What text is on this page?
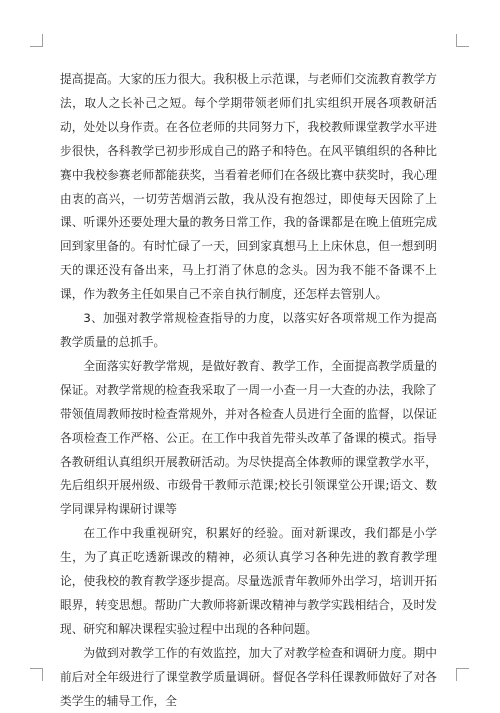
提高提高。大家的压力很大。我积极上示范课，与老师们交流教育教学方法，取人之长补己之短。每个学期带领老师们扎实组织开展各项教研活动，处处以身作责。在各位老师的共同努力下，我校教师课堂教学水平进步很快，各科教学已初步形成自己的路子和特色。在风平镇组织的各种比赛中我校参赛老师都能获奖，当看着老师们在各级比赛中获奖时，我心理由衷的高兴，一切劳苦烟消云散，我从没有抱怨过，即使每天因除了上课、听课外还要处理大量的教务日常工作，我的备课都是在晚上值班完成回到家里备的。有时忙碌了一天，回到家真想马上上床休息，但一想到明天的课还没有备出来，马上打消了休息的念头。因为我不能不备课不上课，作为教务主任如果自己不亲自执行制度，还怎样去管别人。

3、加强对教学常规检查指导的力度，以落实好各项常规工作为提高教学质量的总抓手。

全面落实好教学常规，是做好教育、教学工作，全面提高教学质量的保证。对教学常规的检查我采取了一周一小查一月一大查的办法，我除了带领值周教师按时检查常规外，并对各检查人员进行全面的监督，以保证各项检查工作严格、公正。在工作中我首先带头改革了备课的模式。指导各教研组认真组织开展教研活动。为尽快提高全体教师的课堂教学水平，先后组织开展州级、市级骨干教师示范课;校长引领课堂公开课;语文、数学同课异构课研讨课等

在工作中我重视研究，积累好的经验。面对新课改，我们都是小学生，为了真正吃透新课改的精神，必须认真学习各种先进的教育教学理论，使我校的教育教学逐步提高。尽量选派青年教师外出学习，培训开拓眼界，转变思想。帮助广大教师将新课改精神与教学实践相结合，及时发现、研究和解决课程实验过程中出现的各种问题。

为做到对教学工作的有效监控，加大了对教学检查和调研力度。期中前后对全年级进行了课堂教学质量调研。督促各学科任课教师做好了对各类学生的辅导工作，全
